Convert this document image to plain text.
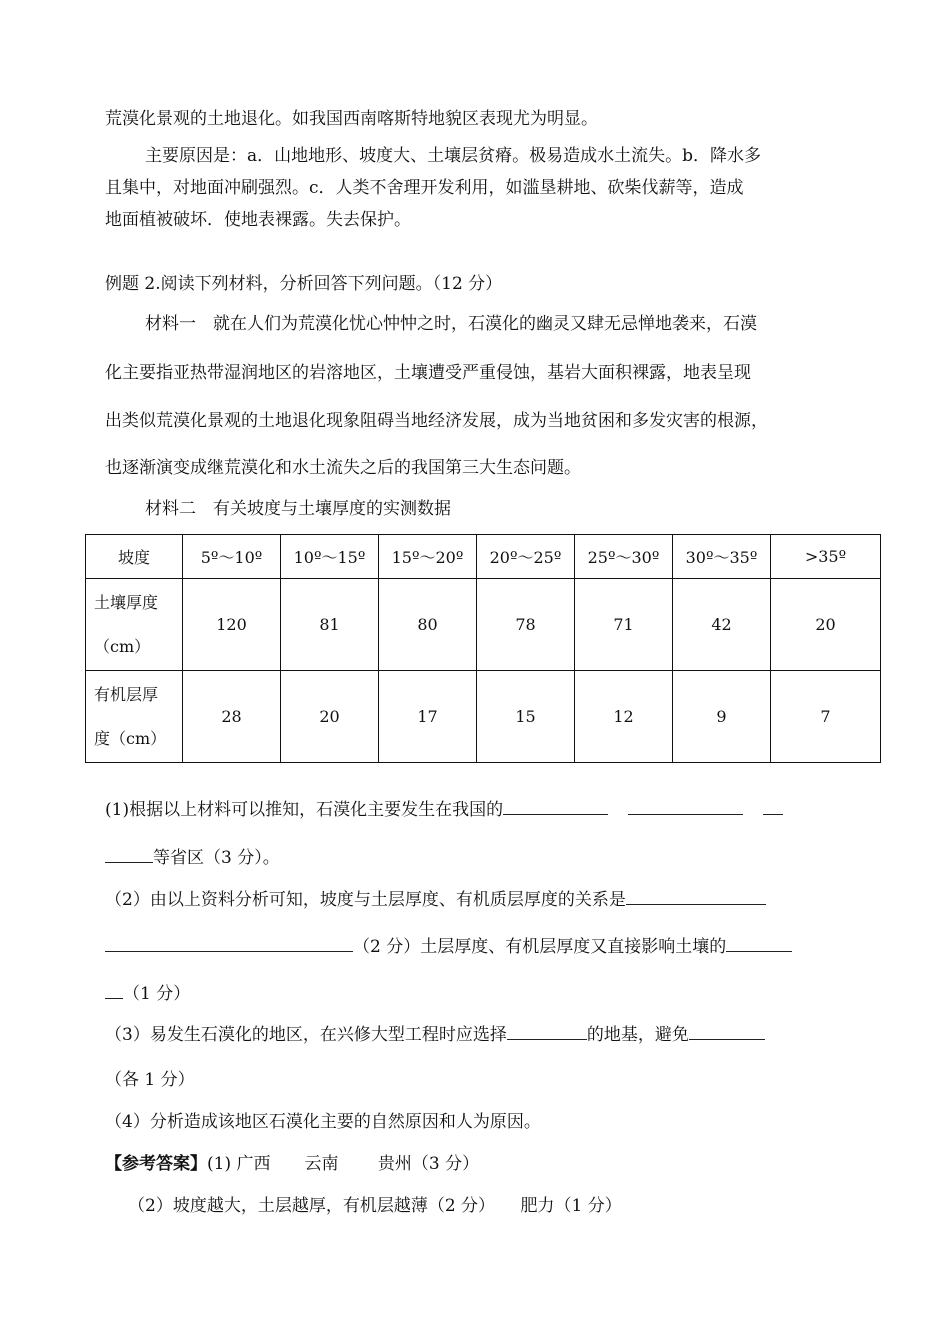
荒漠化景观的土地退化。如我国西南喀斯特地貌区表现尤为明显。
主要原因是：a．山地地形、坡度大、土壤层贫瘠。极易造成水土流失。b．降水多
且集中，对地面冲刷强烈。c．人类不舍理开发利用，如滥垦耕地、砍柴伐薪等，造成
地面植被破坏．使地表裸露。失去保护。
例题 2.阅读下列材料，分析回答下列问题。（12 分）
材料一　就在人们为荒漠化忧心忡忡之时，石漠化的幽灵又肆无忌惮地袭来，石漠
化主要指亚热带湿润地区的岩溶地区，土壤遭受严重侵蚀，基岩大面积裸露，地表呈现
出类似荒漠化景观的土地退化现象阻碍当地经济发展，成为当地贫困和多发灾害的根源，
也逐渐演变成继荒漠化和水土流失之后的我国第三大生态问题。
材料二　有关坡度与土壤厚度的实测数据
坡度	5º～10º	10º～15º	15º～20º	20º～25º	25º～30º	30º～35º	>35º
土壤厚度
（cm）	120	81	80	78	71	42	20
有机层厚
度（cm）	28	20	17	15	12	9	7
(1)根据以上材料可以推知，石漠化主要发生在我国的
等省区（3 分）。
（2）由以上资料分析可知，坡度与土层厚度、有机质层厚度的关系是
（2 分）土层厚度、有机层厚度又直接影响土壤的
（1 分）
（3）易发生石漠化的地区，在兴修大型工程时应选择	的地基，避免
（各 1 分）
（4）分析造成该地区石漠化主要的自然原因和人为原因。
【参考答案】(1) 广西　　云南　　 贵州（3 分）
（2）坡度越大，土层越厚，有机层越薄（2 分）　　肥力（1 分）
